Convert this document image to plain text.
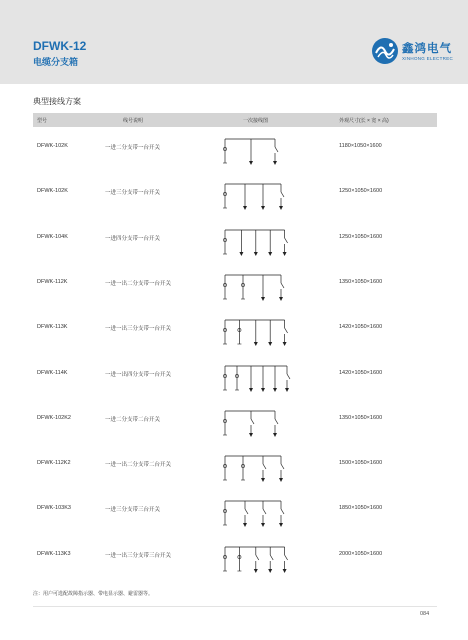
DFWK-12
电缆分支箱
鑫鸿电气
XINHONG ELECTREC
典型接线方案
型号	线号说明	一次接线图	外观尺寸(长 × 宽 × 高)
DFWK-102K	一进二分支带一台开关	1180×1050×1600
DFWK-102K	一进三分支带一台开关	1250×1050×1600
DFWK-104K	一进四分支带一台开关	1250×1050×1600
DFWK-112K	一进一出二分支带一台开关	1350×1050×1600
DFWK-113K	一进一出三分支带一台开关	1420×1050×1600
DFWK-114K	一进一出四分支带一台开关	1420×1050×1600
DFWK-102K2	一进二分支带二台开关	1350×1050×1600
DFWK-112K2	一进一出二分支带二台开关	1500×1050×1600
DFWK-103K3	一进三分支带三台开关	1850×1050×1600
DFWK-113K3	一进一出三分支带三台开关	2000×1050×1600
注：用户可选配故障指示器、带电显示器、避雷器等。
084
